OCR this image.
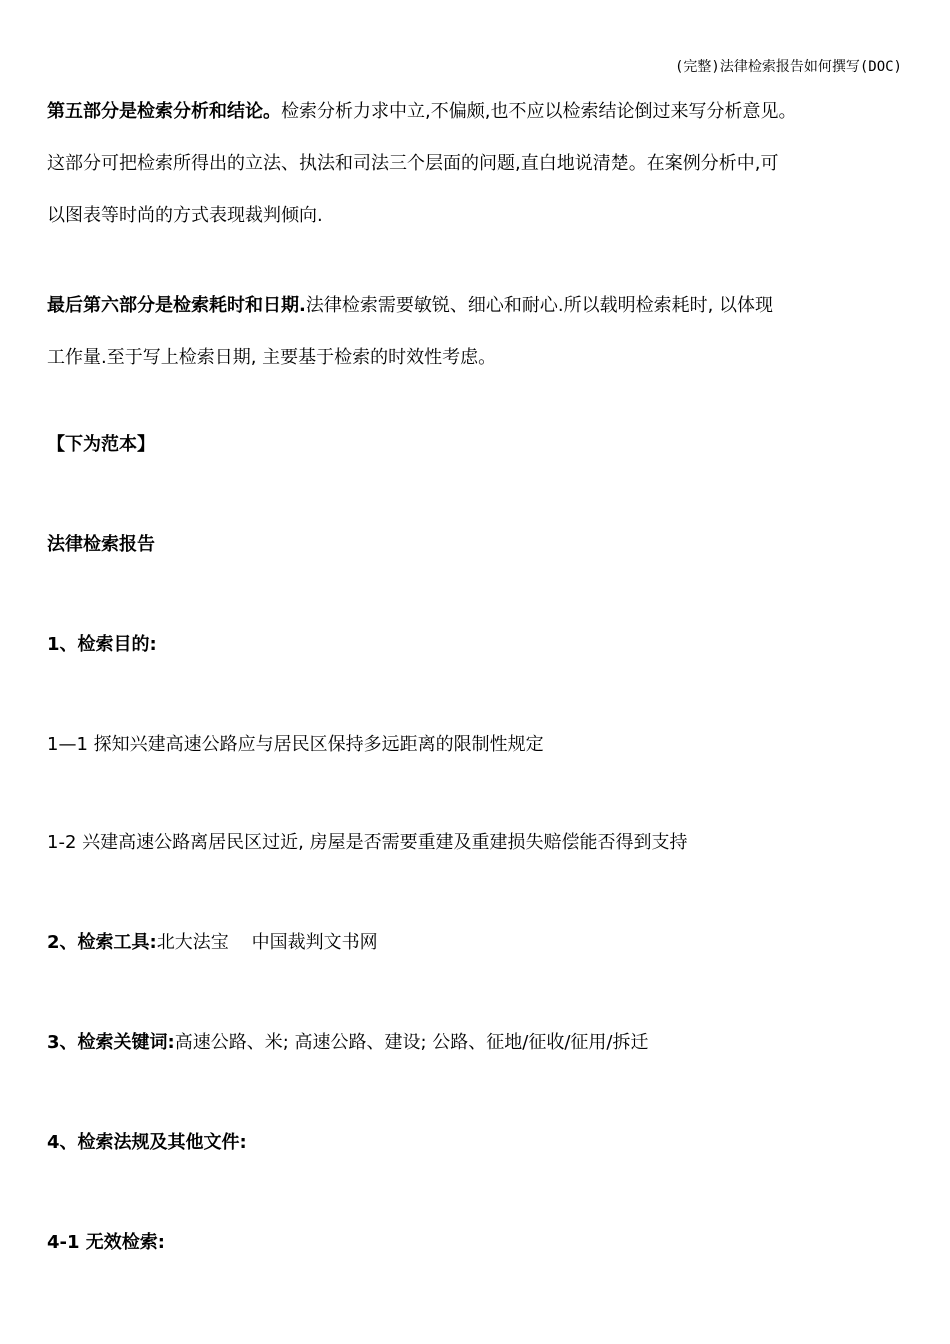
(完整)法律检索报告如何撰写(DOC)

第五部分是检索分析和结论。检索分析力求中立,不偏颇,也不应以检索结论倒过来写分析意见。

这部分可把检索所得出的立法、执法和司法三个层面的问题,直白地说清楚。在案例分析中,可

以图表等时尚的方式表现裁判倾向.

最后第六部分是检索耗时和日期.法律检索需要敏锐、细心和耐心.所以载明检索耗时, 以体现

工作量.至于写上检索日期, 主要基于检索的时效性考虑。

【下为范本】
法律检索报告
1、检索目的:
1—1 探知兴建高速公路应与居民区保持多远距离的限制性规定
1-2 兴建高速公路离居民区过近, 房屋是否需要重建及重建损失赔偿能否得到支持
2、检索工具:北大法宝    中国裁判文书网
3、检索关键词:高速公路、米; 高速公路、建设; 公路、征地/征收/征用/拆迁
4、检索法规及其他文件:
4-1 无效检索:
